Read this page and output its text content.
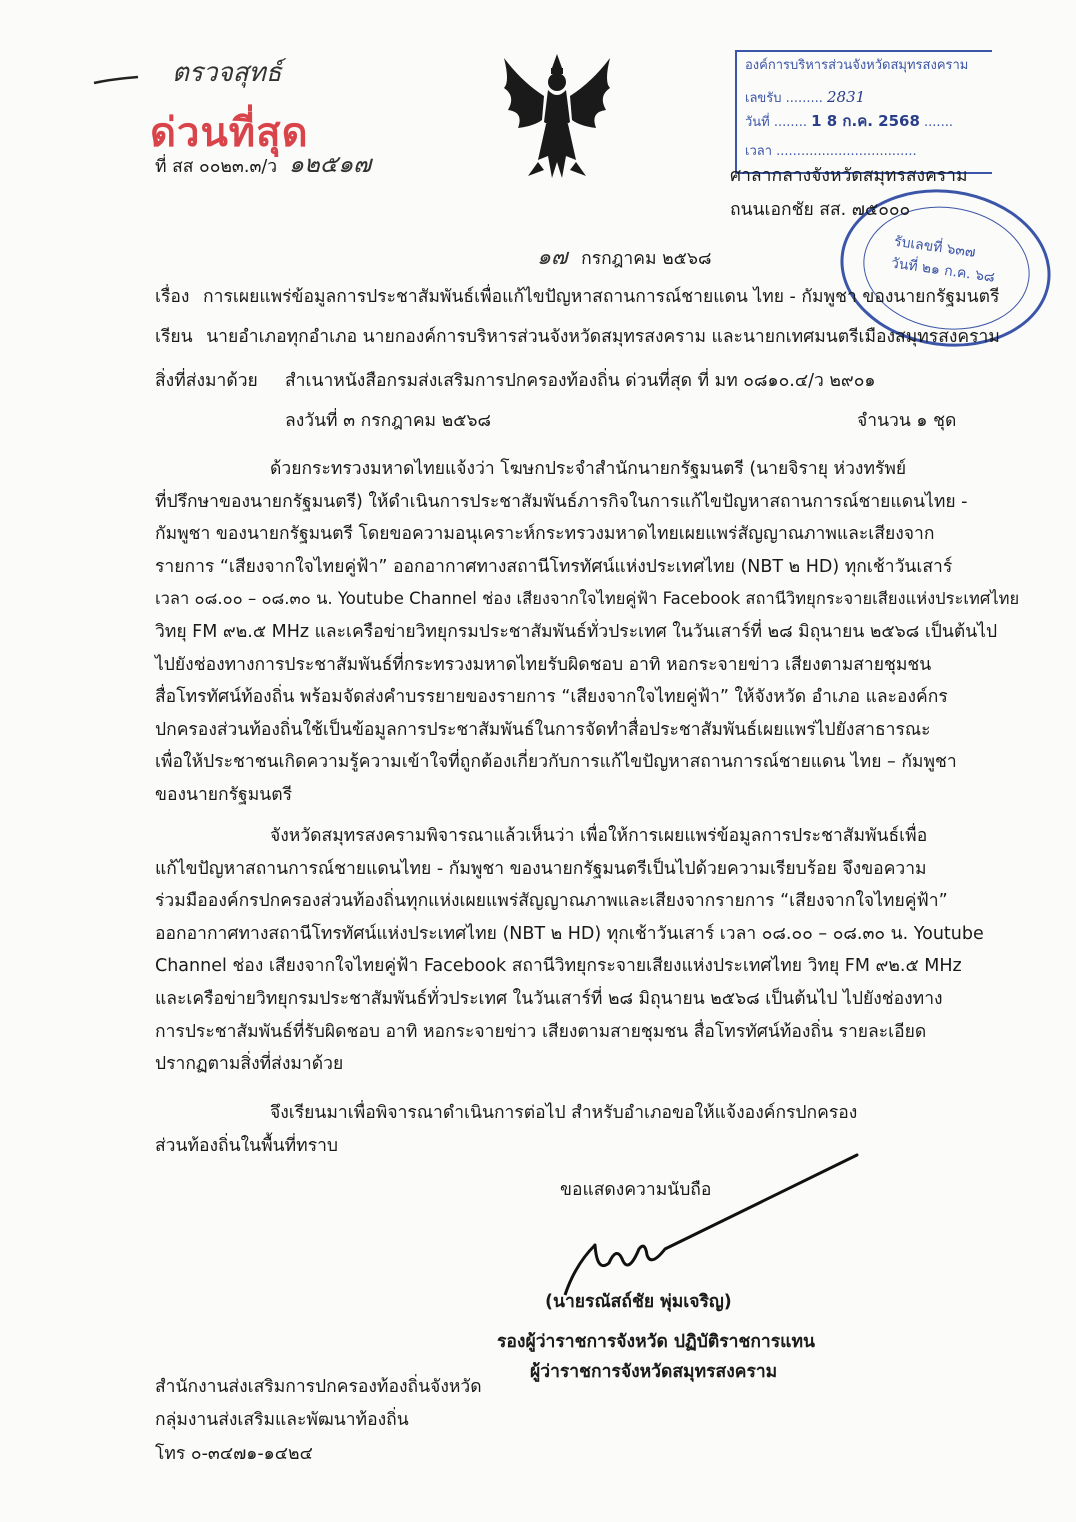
ตรวจสุทธ์
ด่วนที่สุด
ที่ สส ๐๐๒๓.๓/ว ๑๒๕๑๗
องค์การบริหารส่วนจังหวัดสมุทรสงคราม
เลขรับ ......... 2831
วันที่ ........ 1 8 ก.ค. 2568 .......
เวลา ..................................
รับเลขที่ ๖๓๗
วันที่ ๒๑ ก.ค. ๖๘
ศาลากลางจังหวัดสมุทรสงคราม
ถนนเอกชัย สส. ๗๕๐๐๐
๑๗ กรกฎาคม ๒๕๖๘
เรื่อง การเผยแพร่ข้อมูลการประชาสัมพันธ์เพื่อแก้ไขปัญหาสถานการณ์ชายแดน ไทย - กัมพูชา ของนายกรัฐมนตรี
เรียน นายอำเภอทุกอำเภอ นายกองค์การบริหารส่วนจังหวัดสมุทรสงคราม และนายกเทศมนตรีเมืองสมุทรสงคราม
สิ่งที่ส่งมาด้วย สำเนาหนังสือกรมส่งเสริมการปกครองท้องถิ่น ด่วนที่สุด ที่ มท ๐๘๑๐.๔/ว ๒๙๐๑
ลงวันที่ ๓ กรกฎาคม ๒๕๖๘	จำนวน ๑ ชุด
ด้วยกระทรวงมหาดไทยแจ้งว่า โฆษกประจำสำนักนายกรัฐมนตรี (นายจิรายุ ห่วงทรัพย์
ที่ปรึกษาของนายกรัฐมนตรี) ให้ดำเนินการประชาสัมพันธ์ภารกิจในการแก้ไขปัญหาสถานการณ์ชายแดนไทย -
กัมพูชา ของนายกรัฐมนตรี โดยขอความอนุเคราะห์กระทรวงมหาดไทยเผยแพร่สัญญาณภาพและเสียงจาก
รายการ “เสียงจากใจไทยคู่ฟ้า” ออกอากาศทางสถานีโทรทัศน์แห่งประเทศไทย (NBT ๒ HD) ทุกเช้าวันเสาร์
เวลา ๐๘.๐๐ – ๐๘.๓๐ น. Youtube Channel ช่อง เสียงจากใจไทยคู่ฟ้า Facebook สถานีวิทยุกระจายเสียงแห่งประเทศไทย
วิทยุ FM ๙๒.๕ MHz และเครือข่ายวิทยุกรมประชาสัมพันธ์ทั่วประเทศ ในวันเสาร์ที่ ๒๘ มิถุนายน ๒๕๖๘ เป็นต้นไป
ไปยังช่องทางการประชาสัมพันธ์ที่กระทรวงมหาดไทยรับผิดชอบ อาทิ หอกระจายข่าว เสียงตามสายชุมชน
สื่อโทรทัศน์ท้องถิ่น พร้อมจัดส่งคำบรรยายของรายการ “เสียงจากใจไทยคู่ฟ้า” ให้จังหวัด อำเภอ และองค์กร
ปกครองส่วนท้องถิ่นใช้เป็นข้อมูลการประชาสัมพันธ์ในการจัดทำสื่อประชาสัมพันธ์เผยแพร่ไปยังสาธารณะ
เพื่อให้ประชาชนเกิดความรู้ความเข้าใจที่ถูกต้องเกี่ยวกับการแก้ไขปัญหาสถานการณ์ชายแดน ไทย – กัมพูชา
ของนายกรัฐมนตรี
จังหวัดสมุทรสงครามพิจารณาแล้วเห็นว่า เพื่อให้การเผยแพร่ข้อมูลการประชาสัมพันธ์เพื่อ
แก้ไขปัญหาสถานการณ์ชายแดนไทย - กัมพูชา ของนายกรัฐมนตรีเป็นไปด้วยความเรียบร้อย จึงขอความ
ร่วมมือองค์กรปกครองส่วนท้องถิ่นทุกแห่งเผยแพร่สัญญาณภาพและเสียงจากรายการ “เสียงจากใจไทยคู่ฟ้า”
ออกอากาศทางสถานีโทรทัศน์แห่งประเทศไทย (NBT ๒ HD) ทุกเช้าวันเสาร์ เวลา ๐๘.๐๐ – ๐๘.๓๐ น. Youtube
Channel ช่อง เสียงจากใจไทยคู่ฟ้า Facebook สถานีวิทยุกระจายเสียงแห่งประเทศไทย วิทยุ FM ๙๒.๕ MHz
และเครือข่ายวิทยุกรมประชาสัมพันธ์ทั่วประเทศ ในวันเสาร์ที่ ๒๘ มิถุนายน ๒๕๖๘ เป็นต้นไป ไปยังช่องทาง
การประชาสัมพันธ์ที่รับผิดชอบ อาทิ หอกระจายข่าว เสียงตามสายชุมชน สื่อโทรทัศน์ท้องถิ่น รายละเอียด
ปรากฏตามสิ่งที่ส่งมาด้วย
จึงเรียนมาเพื่อพิจารณาดำเนินการต่อไป สำหรับอำเภอขอให้แจ้งองค์กรปกครอง
ส่วนท้องถิ่นในพื้นที่ทราบ
ขอแสดงความนับถือ
(นายรณัสถ์ชัย พุ่มเจริญ)
รองผู้ว่าราชการจังหวัด ปฏิบัติราชการแทน
ผู้ว่าราชการจังหวัดสมุทรสงคราม
สำนักงานส่งเสริมการปกครองท้องถิ่นจังหวัด
กลุ่มงานส่งเสริมและพัฒนาท้องถิ่น
โทร ๐-๓๔๗๑-๑๔๒๔
